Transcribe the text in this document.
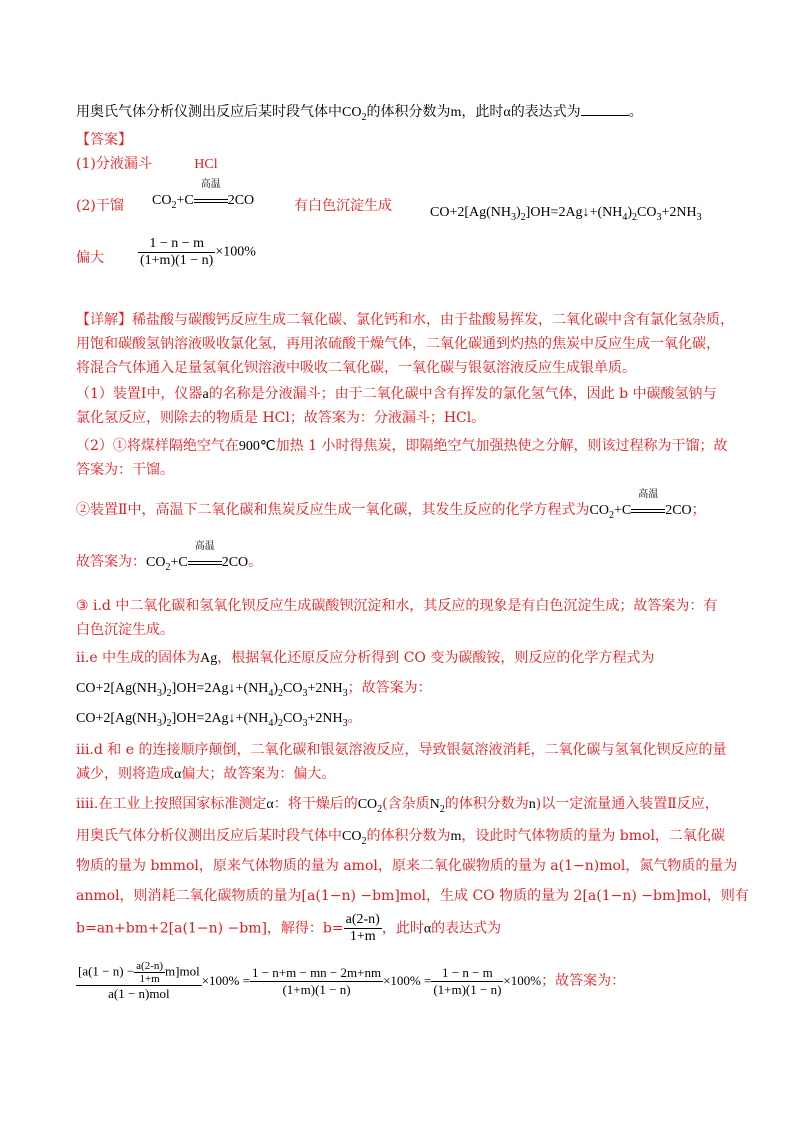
用奥氏气体分析仪测出反应后某时段气体中$CO_2$的体积分数为m，此时α的表达式为	。
【答案】
(1)分液漏斗	HCl
(2)干馏 $CO_2+C$
高温
2CO	有白色沉淀生成	$CO+2[Ag(NH_3)_2]OH=2Ag↓+(NH_4)_2CO_3+2NH_3$
偏大 $\frac{1 - n - m}{(1+m)(1 - n)} \times 100\%$
【详解】稀盐酸与碳酸钙反应生成二氧化碳、氯化钙和水，由于盐酸易挥发，二氧化碳中含有氯化氢杂质，
用饱和碳酸氢钠溶液吸收氯化氢，再用浓硫酸干燥气体，二氧化碳通到灼热的焦炭中反应生成一氧化碳，
将混合气体通入足量氢氧化钡溶液中吸收二氧化碳，一氧化碳与银氨溶液反应生成银单质。
（1）装置Ⅰ中，仪器a的名称是分液漏斗；由于二氧化碳中含有挥发的氯化氢气体，因此 b 中碳酸氢钠与
氯化氢反应，则除去的物质是 HCl；故答案为：分液漏斗；HCl。
（2）①将煤样隔绝空气在900℃加热 1 小时得焦炭，即隔绝空气加强热使之分解，则该过程称为干馏；故
答案为：干馏。
②装置Ⅱ中，高温下二氧化碳和焦炭反应生成一氧化碳，其发生反应的化学方程式为$CO_2+C$
高温
2CO；
故答案为：$CO_2+C$
高温
2CO。
③ i.d 中二氧化碳和氢氧化钡反应生成碳酸钡沉淀和水，其反应的现象是有白色沉淀生成；故答案为：有
白色沉淀生成。
ii.e 中生成的固体为Ag，根据氧化还原反应分析得到 CO 变为碳酸铵，则反应的化学方程式为
$CO+2[Ag(NH_3)_2]OH=2Ag↓+(NH_4)_2CO_3+2NH_3$；故答案为：
$CO+2[Ag(NH_3)_2]OH=2Ag↓+(NH_4)_2CO_3+2NH_3$。
iii.d 和 e 的连接顺序颠倒，二氧化碳和银氨溶液反应，导致银氨溶液消耗，二氧化碳与氢氧化钡反应的量
减少，则将造成α偏大；故答案为：偏大。
iiii.在工业上按照国家标准测定α：将干燥后的$CO_2$(含杂质$N_2$的体积分数为n)以一定流量通入装置Ⅱ反应，
用奥氏气体分析仪测出反应后某时段气体中$CO_2$的体积分数为m，设此时气体物质的量为 bmol，二氧化碳
物质的量为 bmmol，原来气体物质的量为 amol，原来二氧化碳物质的量为 a(1−n)mol，氮气物质的量为
anmol，则消耗二氧化碳物质的量为[a(1−n) −bm]mol，生成 CO 物质的量为 2[a(1−n) −bm]mol，则有
b=an+bm+2[a(1−n) −bm]，解得：$b= \frac{a(2-n)}{1+m}$ ，此时α的表达式为
$\frac{[a(1 - n) - \frac{a(2-n)}{1+m} m]mol}{\text{a(1 − n)mol}} \times 100\% = \frac{1 - n+m - mn - 2m+nm}{(1+m)(1 - n)} \times 100\% = \frac{1 - n - m}{(1+m)(1 - n)} \times 100\%$；故答案为：
